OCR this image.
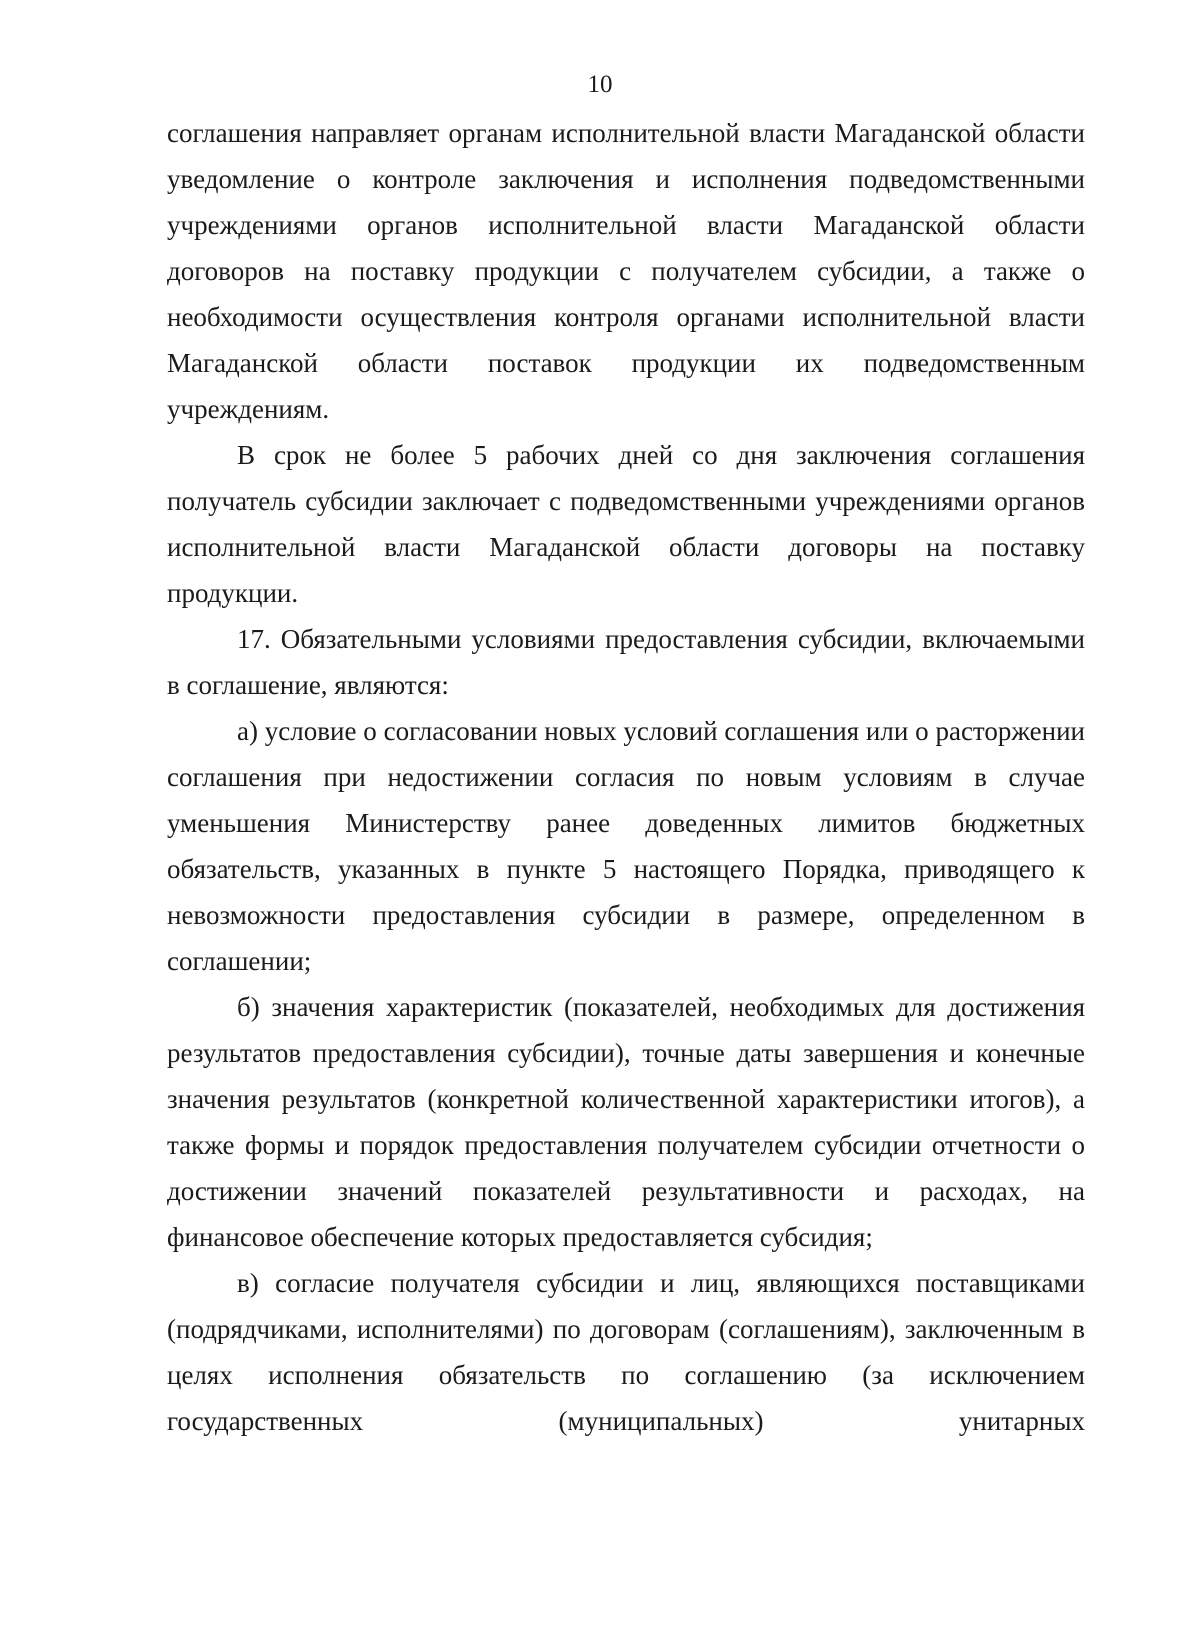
10

соглашения направляет органам исполнительной власти Магаданской области уведомление о контроле заключения и исполнения подведомственными учреждениями органов исполнительной власти Магаданской области договоров на поставку продукции с получателем субсидии, а также о необходимости осуществления контроля органами исполнительной власти Магаданской области поставок продукции их подведомственным учреждениям.

В срок не более 5 рабочих дней со дня заключения соглашения получатель субсидии заключает с подведомственными учреждениями органов исполнительной власти Магаданской области договоры на поставку продукции.

17. Обязательными условиями предоставления субсидии, включаемыми в соглашение, являются:

а) условие о согласовании новых условий соглашения или о расторжении соглашения при недостижении согласия по новым условиям в случае уменьшения Министерству ранее доведенных лимитов бюджетных обязательств, указанных в пункте 5 настоящего Порядка, приводящего к невозможности предоставления субсидии в размере, определенном в соглашении;

б) значения характеристик (показателей, необходимых для достижения результатов предоставления субсидии), точные даты завершения и конечные значения результатов (конкретной количественной характеристики итогов), а также формы и порядок предоставления получателем субсидии отчетности о достижении значений показателей результативности и расходах, на финансовое обеспечение которых предоставляется субсидия;

в) согласие получателя субсидии и лиц, являющихся поставщиками (подрядчиками, исполнителями) по договорам (соглашениям), заключенным в целях исполнения обязательств по соглашению (за исключением государственных (муниципальных) унитарных
